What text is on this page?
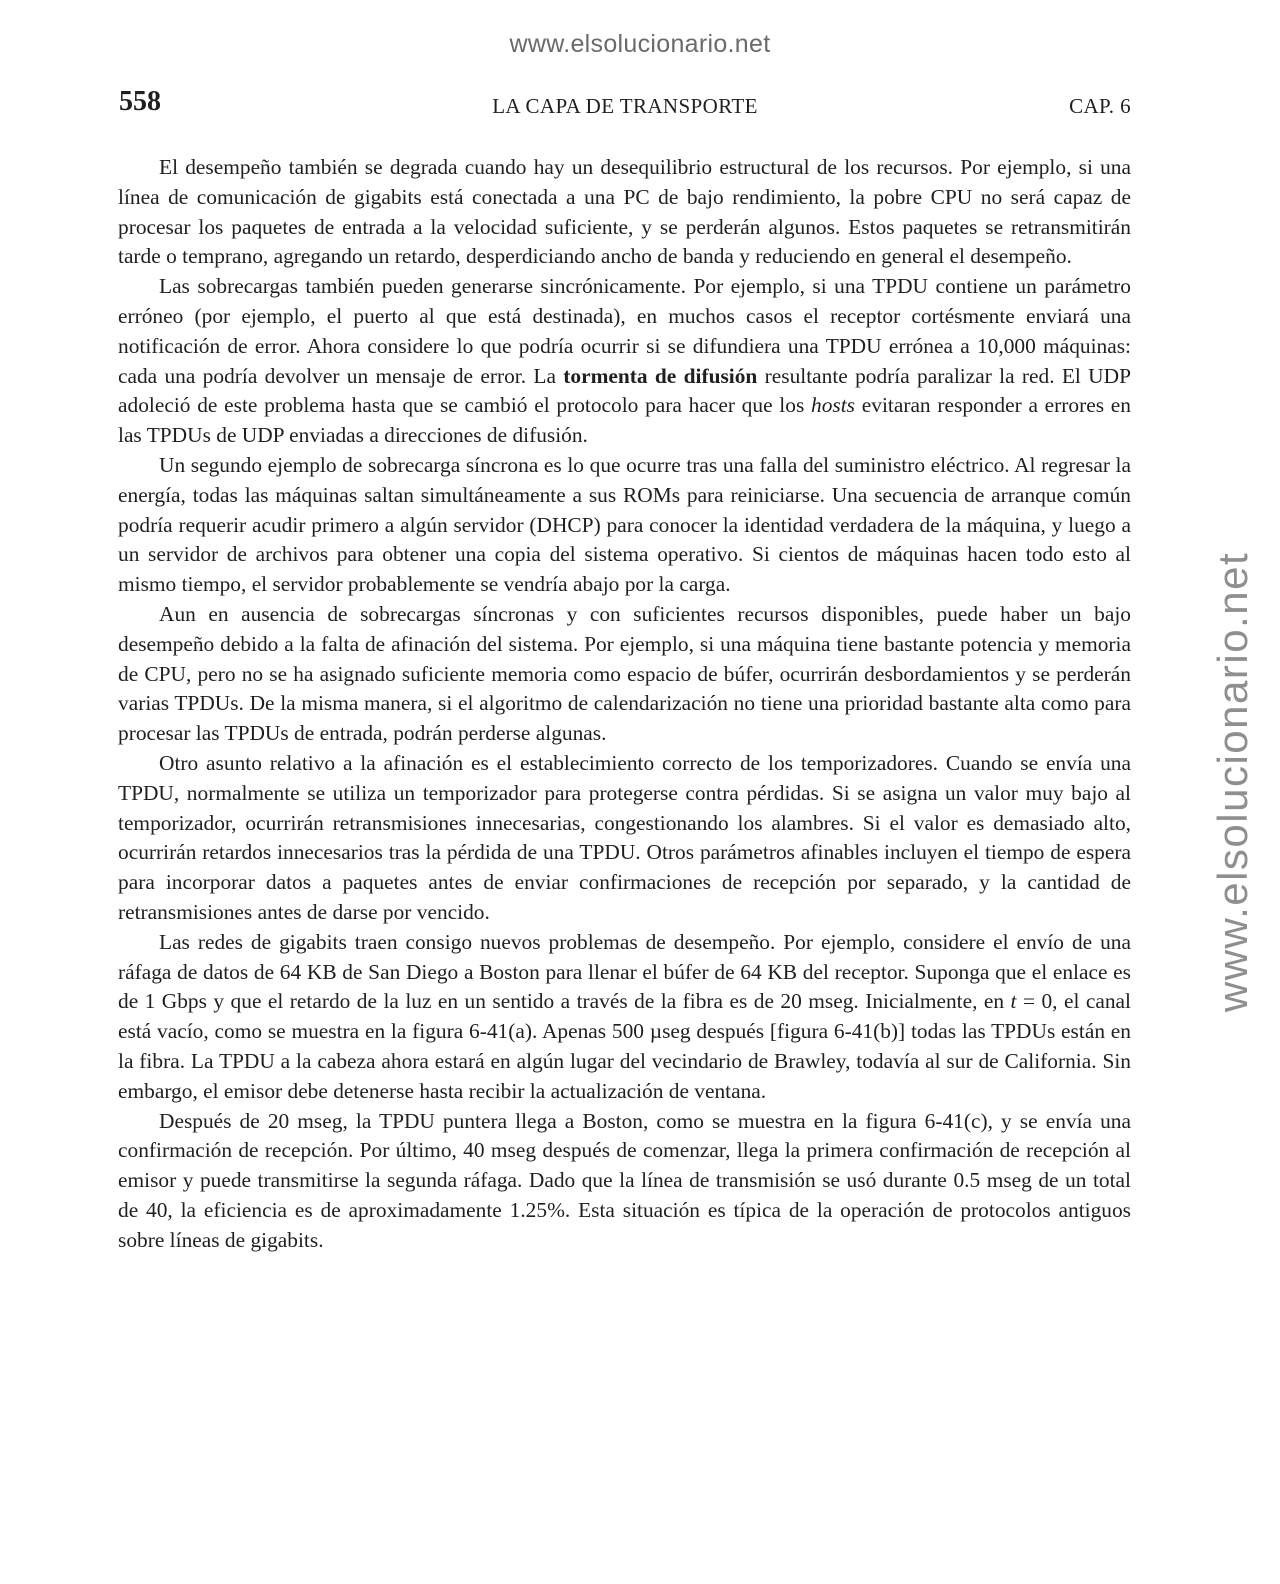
www.elsolucionario.net
www.elsolucionario.net
558	LA CAPA DE TRANSPORTE	CAP. 6

El desempeño también se degrada cuando hay un desequilibrio estructural de los recursos. Por ejemplo, si una línea de comunicación de gigabits está conectada a una PC de bajo rendimiento, la pobre CPU no será capaz de procesar los paquetes de entrada a la velocidad suficiente, y se perderán algunos. Estos paquetes se retransmitirán tarde o temprano, agregando un retardo, desperdiciando ancho de banda y reduciendo en general el desempeño.

Las sobrecargas también pueden generarse sincrónicamente. Por ejemplo, si una TPDU contiene un parámetro erróneo (por ejemplo, el puerto al que está destinada), en muchos casos el receptor cortésmente enviará una notificación de error. Ahora considere lo que podría ocurrir si se difundiera una TPDU errónea a 10,000 máquinas: cada una podría devolver un mensaje de error. La tormenta de difusión resultante podría paralizar la red. El UDP adoleció de este problema hasta que se cambió el protocolo para hacer que los hosts evitaran responder a errores en las TPDUs de UDP enviadas a direcciones de difusión.

Un segundo ejemplo de sobrecarga síncrona es lo que ocurre tras una falla del suministro eléctrico. Al regresar la energía, todas las máquinas saltan simultáneamente a sus ROMs para reiniciarse. Una secuencia de arranque común podría requerir acudir primero a algún servidor (DHCP) para conocer la identidad verdadera de la máquina, y luego a un servidor de archivos para obtener una copia del sistema operativo. Si cientos de máquinas hacen todo esto al mismo tiempo, el servidor probablemente se vendría abajo por la carga.

Aun en ausencia de sobrecargas síncronas y con suficientes recursos disponibles, puede haber un bajo desempeño debido a la falta de afinación del sistema. Por ejemplo, si una máquina tiene bastante potencia y memoria de CPU, pero no se ha asignado suficiente memoria como espacio de búfer, ocurrirán desbordamientos y se perderán varias TPDUs. De la misma manera, si el algoritmo de calendarización no tiene una prioridad bastante alta como para procesar las TPDUs de entrada, podrán perderse algunas.

Otro asunto relativo a la afinación es el establecimiento correcto de los temporizadores. Cuando se envía una TPDU, normalmente se utiliza un temporizador para protegerse contra pérdidas. Si se asigna un valor muy bajo al temporizador, ocurrirán retransmisiones innecesarias, congestionando los alambres. Si el valor es demasiado alto, ocurrirán retardos innecesarios tras la pérdida de una TPDU. Otros parámetros afinables incluyen el tiempo de espera para incorporar datos a paquetes antes de enviar confirmaciones de recepción por separado, y la cantidad de retransmisiones antes de darse por vencido.

Las redes de gigabits traen consigo nuevos problemas de desempeño. Por ejemplo, considere el envío de una ráfaga de datos de 64 KB de San Diego a Boston para llenar el búfer de 64 KB del receptor. Suponga que el enlace es de 1 Gbps y que el retardo de la luz en un sentido a través de la fibra es de 20 mseg. Inicialmente, en t = 0, el canal está vacío, como se muestra en la figura 6-41(a). Apenas 500 µseg después [figura 6-41(b)] todas las TPDUs están en la fibra. La TPDU a la cabeza ahora estará en algún lugar del vecindario de Brawley, todavía al sur de California. Sin embargo, el emisor debe detenerse hasta recibir la actualización de ventana.

Después de 20 mseg, la TPDU puntera llega a Boston, como se muestra en la figura 6-41(c), y se envía una confirmación de recepción. Por último, 40 mseg después de comenzar, llega la primera confirmación de recepción al emisor y puede transmitirse la segunda ráfaga. Dado que la línea de transmisión se usó durante 0.5 mseg de un total de 40, la eficiencia es de aproximadamente 1.25%. Esta situación es típica de la operación de protocolos antiguos sobre líneas de gigabits.
